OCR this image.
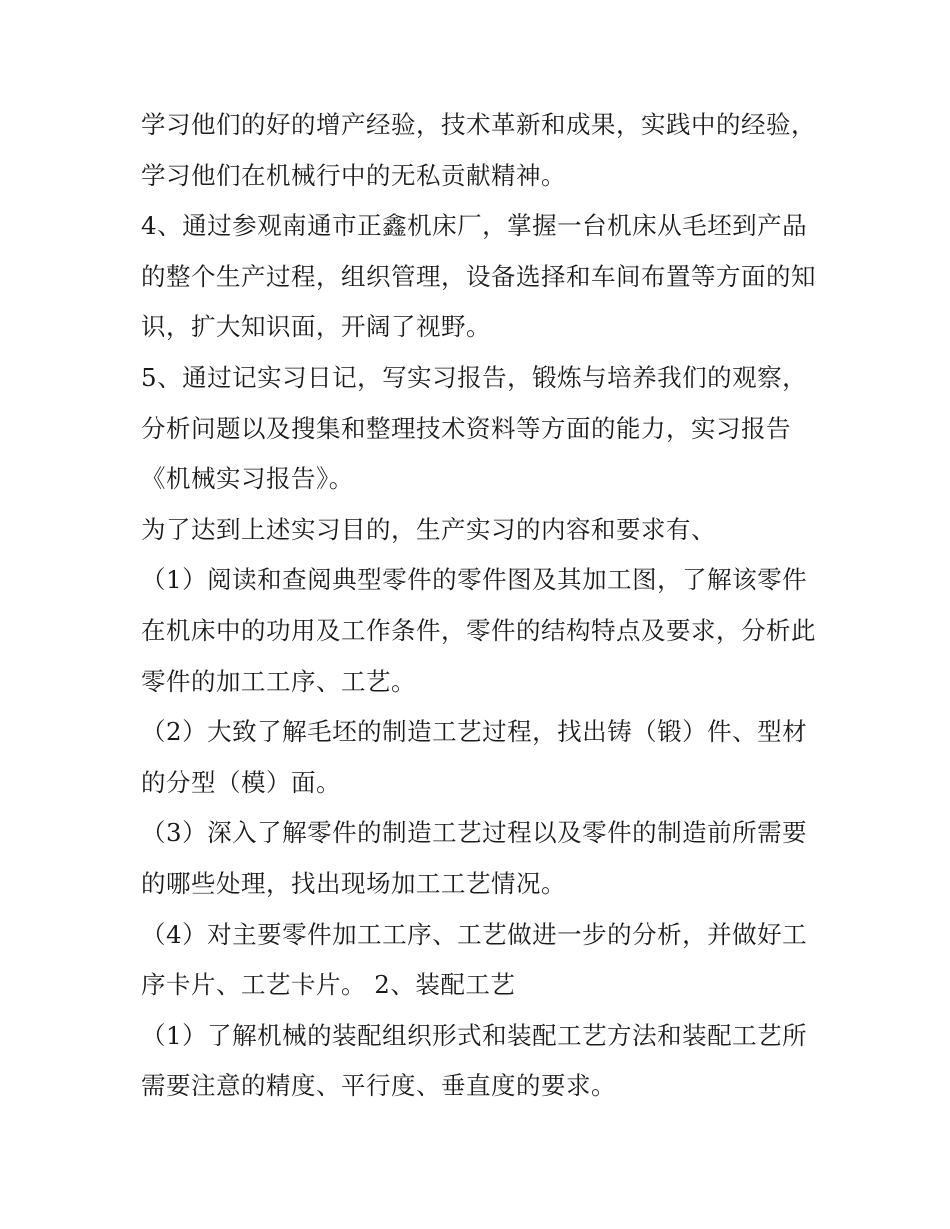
学习他们的好的增产经验，技术革新和成果，实践中的经验，
学习他们在机械行中的无私贡献精神。
4、通过参观南通市正鑫机床厂，掌握一台机床从毛坯到产品
的整个生产过程，组织管理，设备选择和车间布置等方面的知
识，扩大知识面，开阔了视野。
5、通过记实习日记，写实习报告，锻炼与培养我们的观察，
分析问题以及搜集和整理技术资料等方面的能力，实习报告
《机械实习报告》。
为了达到上述实习目的，生产实习的内容和要求有、
（1）阅读和查阅典型零件的零件图及其加工图，了解该零件
在机床中的功用及工作条件，零件的结构特点及要求，分析此
零件的加工工序、工艺。
（2）大致了解毛坯的制造工艺过程，找出铸（锻）件、型材
的分型（模）面。
（3）深入了解零件的制造工艺过程以及零件的制造前所需要
的哪些处理，找出现场加工工艺情况。
（4）对主要零件加工工序、工艺做进一步的分析，并做好工
序卡片、工艺卡片。 2、装配工艺
（1）了解机械的装配组织形式和装配工艺方法和装配工艺所
需要注意的精度、平行度、垂直度的要求。
